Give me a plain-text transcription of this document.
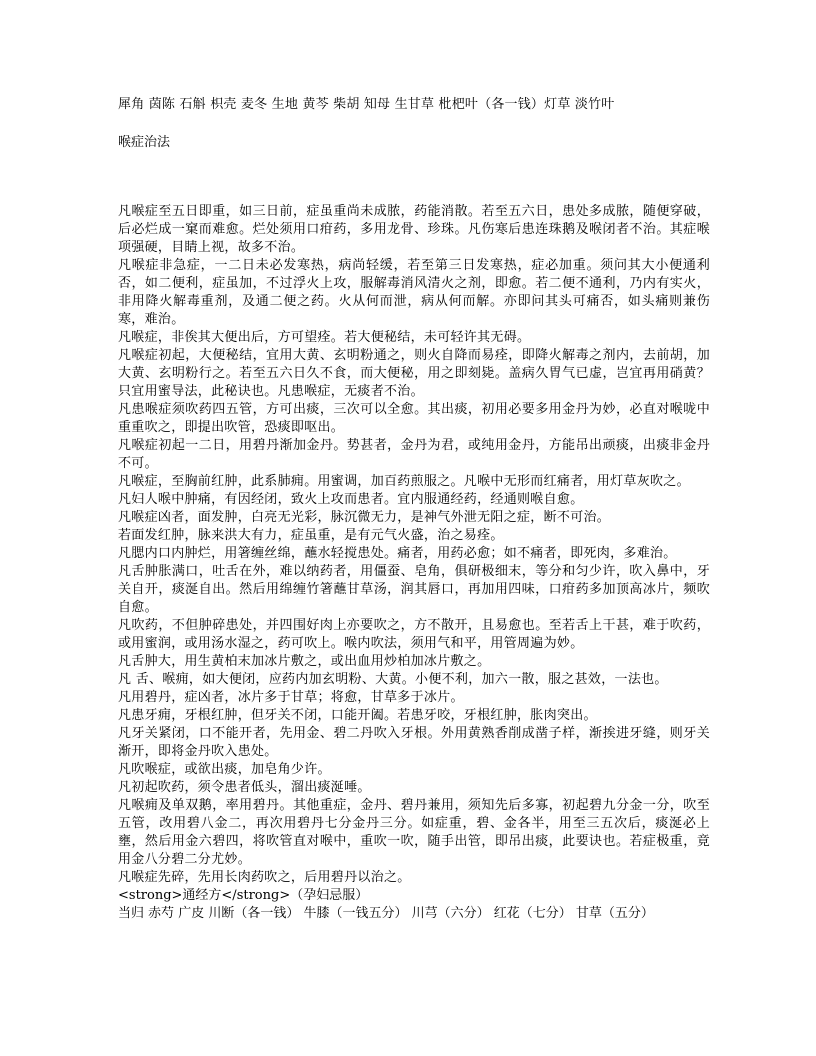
犀角 茵陈 石斛 枳壳 麦冬 生地 黄芩 柴胡 知母 生甘草 枇杷叶（各一钱）灯草 淡竹叶
喉症治法

凡喉症至五日即重，如三日前，症虽重尚未成脓，药能消散。若至五六日，患处多成脓，随便穿破，后必烂成一窠而难愈。烂处须用口疳药，多用龙骨、珍珠。凡伤寒后患连珠鹅及喉闭者不治。其症喉项强硬，目睛上视，故多不治。

凡喉症非急症，一二日未必发寒热，病尚轻缓，若至第三日发寒热，症必加重。须问其大小便通利否，如二便利，症虽加，不过浮火上攻，服解毒消风清火之剂，即愈。若二便不通利，乃内有实火，非用降火解毒重剂，及通二便之药。火从何而泄，病从何而解。亦即问其头可痛否，如头痛则兼伤寒，难治。

凡喉症，非俟其大便出后，方可望痊。若大便秘结，未可轻许其无碍。

凡喉症初起，大便秘结，宜用大黄、玄明粉通之，则火自降而易痊，即降火解毒之剂内，去前胡，加大黄、玄明粉行之。若至五六日久不食，而大便秘，用之即刻毙。盖病久胃气已虚，岂宜再用硝黄？只宜用蜜导法，此秘诀也。凡患喉症，无痰者不治。

凡患喉症须吹药四五管，方可出痰，三次可以全愈。其出痰，初用必要多用金丹为妙，必直对喉咙中重重吹之，即提出吹管，恐痰即呕出。

凡喉症初起一二日，用碧丹渐加金丹。势甚者，金丹为君，或纯用金丹，方能吊出顽痰，出痰非金丹不可。

凡喉症，至胸前红肿，此系肺痈。用蜜调，加百药煎服之。凡喉中无形而红痛者，用灯草灰吹之。

凡妇人喉中肿痛，有因经闭，致火上攻而患者。宜内服通经药，经通则喉自愈。

凡喉症凶者，面发肿，白亮无光彩，脉沉微无力，是神气外泄无阳之症，断不可治。

若面发红肿，脉来洪大有力，症虽重，是有元气火盛，治之易痊。

凡腮内口内肿烂，用箸缠丝绵，蘸水轻搅患处。痛者，用药必愈；如不痛者，即死肉，多难治。

凡舌肿胀满口，吐舌在外，难以纳药者，用僵蚕、皂角，俱研极细末，等分和匀少许，吹入鼻中，牙关自开，痰涎自出。然后用绵缠竹箸蘸甘草汤，润其唇口，再加用四味，口疳药多加顶高冰片，频吹自愈。

凡吹药，不但肿碎患处，并四围好肉上亦要吹之，方不散开，且易愈也。至若舌上干甚，难于吹药，或用蜜润，或用汤水湿之，药可吹上。喉内吹法，须用气和平，用管周遍为妙。

凡舌肿大，用生黄柏末加冰片敷之，或出血用炒柏加冰片敷之。

凡 舌、喉痈，如大便闭，应药内加玄明粉、大黄。小便不利，加六一散，服之甚效，一法也。

凡用碧丹，症凶者，冰片多于甘草；将愈，甘草多于冰片。

凡患牙痈，牙根红肿，但牙关不闭，口能开阖。若患牙咬，牙根红肿，胀肉突出。

凡牙关紧闭，口不能开者，先用金、碧二丹吹入牙根。外用黄熟香削成凿子样，渐挨进牙缝，则牙关渐开，即将金丹吹入患处。

凡吹喉症，或欲出痰，加皂角少许。

凡初起吹药，须令患者低头，溜出痰涎唾。

凡喉痈及单双鹅，率用碧丹。其他重症，金丹、碧丹兼用，须知先后多寡，初起碧九分金一分，吹至五管，改用碧八金二，再次用碧丹七分金丹三分。如症重，碧、金各半，用至三五次后，痰涎必上壅，然后用金六碧四，将吹管直对喉中，重吹一吹，随手出管，即吊出痰，此要诀也。若症极重，竟用金八分碧二分尤妙。

凡喉症先碎，先用长肉药吹之，后用碧丹以治之。

<strong>通经方</strong>（孕妇忌服）

当归 赤芍 广皮 川断（各一钱） 牛膝（一钱五分） 川芎（六分） 红花（七分） 甘草（五分）
